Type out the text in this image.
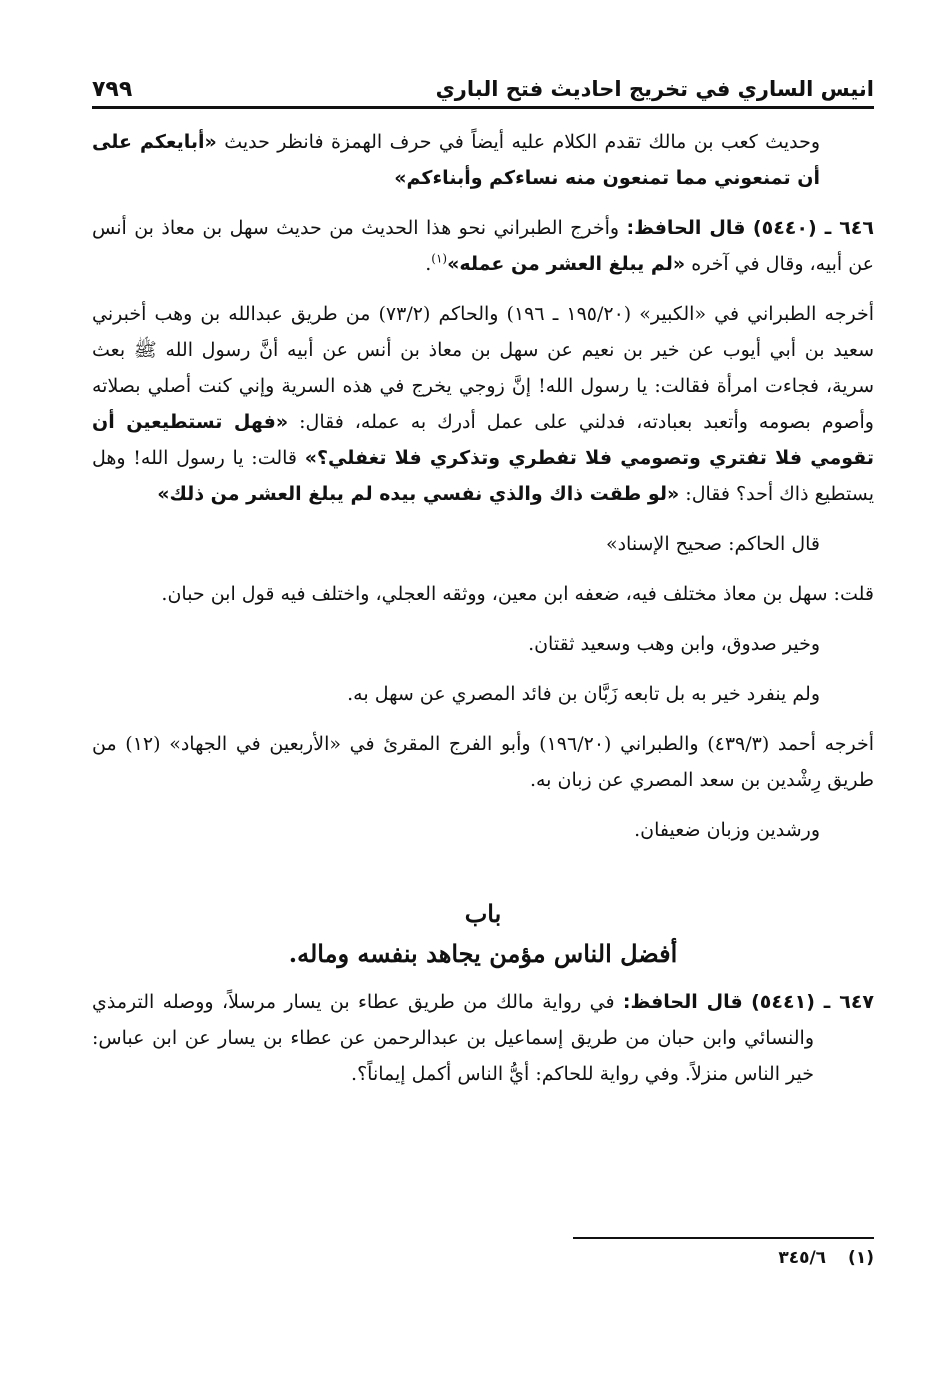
انيس الساري في تخريج احاديث فتح الباري
٧٩٩

وحديث كعب بن مالك تقدم الكلام عليه أيضاً في حرف الهمزة فانظر حديث «أبايعكم على أن تمنعوني مما تمنعون منه نساءكم وأبناءكم»

٦٤٦ ـ (٥٤٤٠) قال الحافظ: وأخرج الطبراني نحو هذا الحديث من حديث سهل بن معاذ بن أنس عن أبيه، وقال في آخره «لم يبلغ العشر من عمله»$^{(١)}$.

أخرجه الطبراني في «الكبير» (١٩٥/٢٠ ـ ١٩٦) والحاكم (٧٣/٢) من طريق عبدالله بن وهب أخبرني سعيد بن أبي أيوب عن خير بن نعيم عن سهل بن معاذ بن أنس عن أبيه أنَّ رسول الله ﷺ بعث سرية، فجاءت امرأة فقالت: يا رسول الله! إنَّ زوجي يخرج في هذه السرية وإني كنت أصلي بصلاته وأصوم بصومه وأتعبد بعبادته، فدلني على عمل أدرك به عمله، فقال: «فهل تستطيعين أن تقومي فلا تفتري وتصومي فلا تفطري وتذكري فلا تغفلي؟» قالت: يا رسول الله! وهل يستطيع ذاك أحد؟ فقال: «لو طقت ذاك والذي نفسي بيده لم يبلغ العشر من ذلك»

قال الحاكم: صحيح الإسناد»

قلت: سهل بن معاذ مختلف فيه، ضعفه ابن معين، ووثقه العجلي، واختلف فيه قول ابن حبان.

وخير صدوق، وابن وهب وسعيد ثقتان.

ولم ينفرد خير به بل تابعه زَبَّان بن فائد المصري عن سهل به.

أخرجه أحمد (٤٣٩/٣) والطبراني (١٩٦/٢٠) وأبو الفرج المقرئ في «الأربعين في الجهاد» (١٢) من طريق رِشْدين بن سعد المصري عن زبان به.

ورشدين وزبان ضعيفان.

باب
أفضل الناس مؤمن يجاهد بنفسه وماله.

٦٤٧ ـ (٥٤٤١) قال الحافظ: في رواية مالك من طريق عطاء بن يسار مرسلاً، ووصله الترمذي والنسائي وابن حبان من طريق إسماعيل بن عبدالرحمن عن عطاء بن يسار عن ابن عباس: خير الناس منزلاً. وفي رواية للحاكم: أيُّ الناس أكمل إيماناً؟.

(١)٣٤٥/٦
